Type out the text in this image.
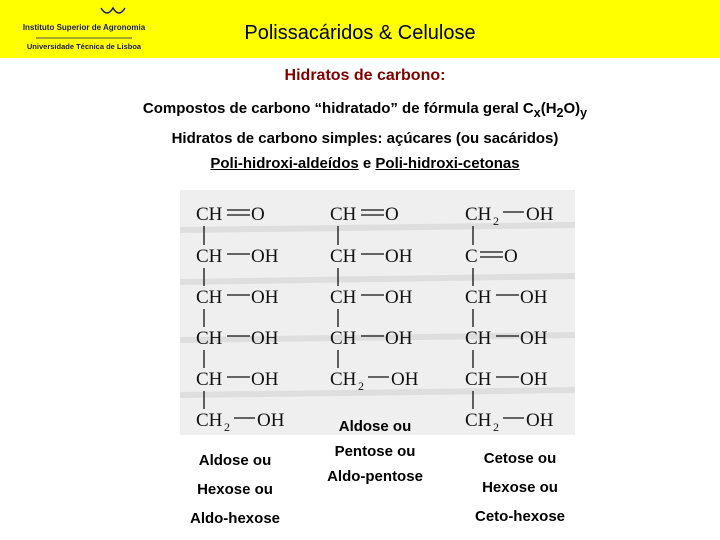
Instituto Superior de Agronomia
Universidade Técnica de Lisboa
Polissacáridos & Celulose
Hidratos de carbono:
Compostos de carbono “hidratado” de fórmula geral $C_x(H_2O)_y$
Hidratos de carbono simples: açúcares (ou sacáridos)
Poli-hidroxi-aldeídos e Poli-hidroxi-cetonas
CH O
CH OH
CH OH
CH OH
CH OH
CH 2 OH
CH O
CH OH
CH OH
CH OH
CH 2 OH
CH 2 OH
C O
CH OH
CH OH
CH OH
CH 2 OH
Aldose ou
Hexose ou
Aldo-hexose
Aldose ou
Pentose ou
Aldo-pentose
Cetose ou
Hexose ou
Ceto-hexose
